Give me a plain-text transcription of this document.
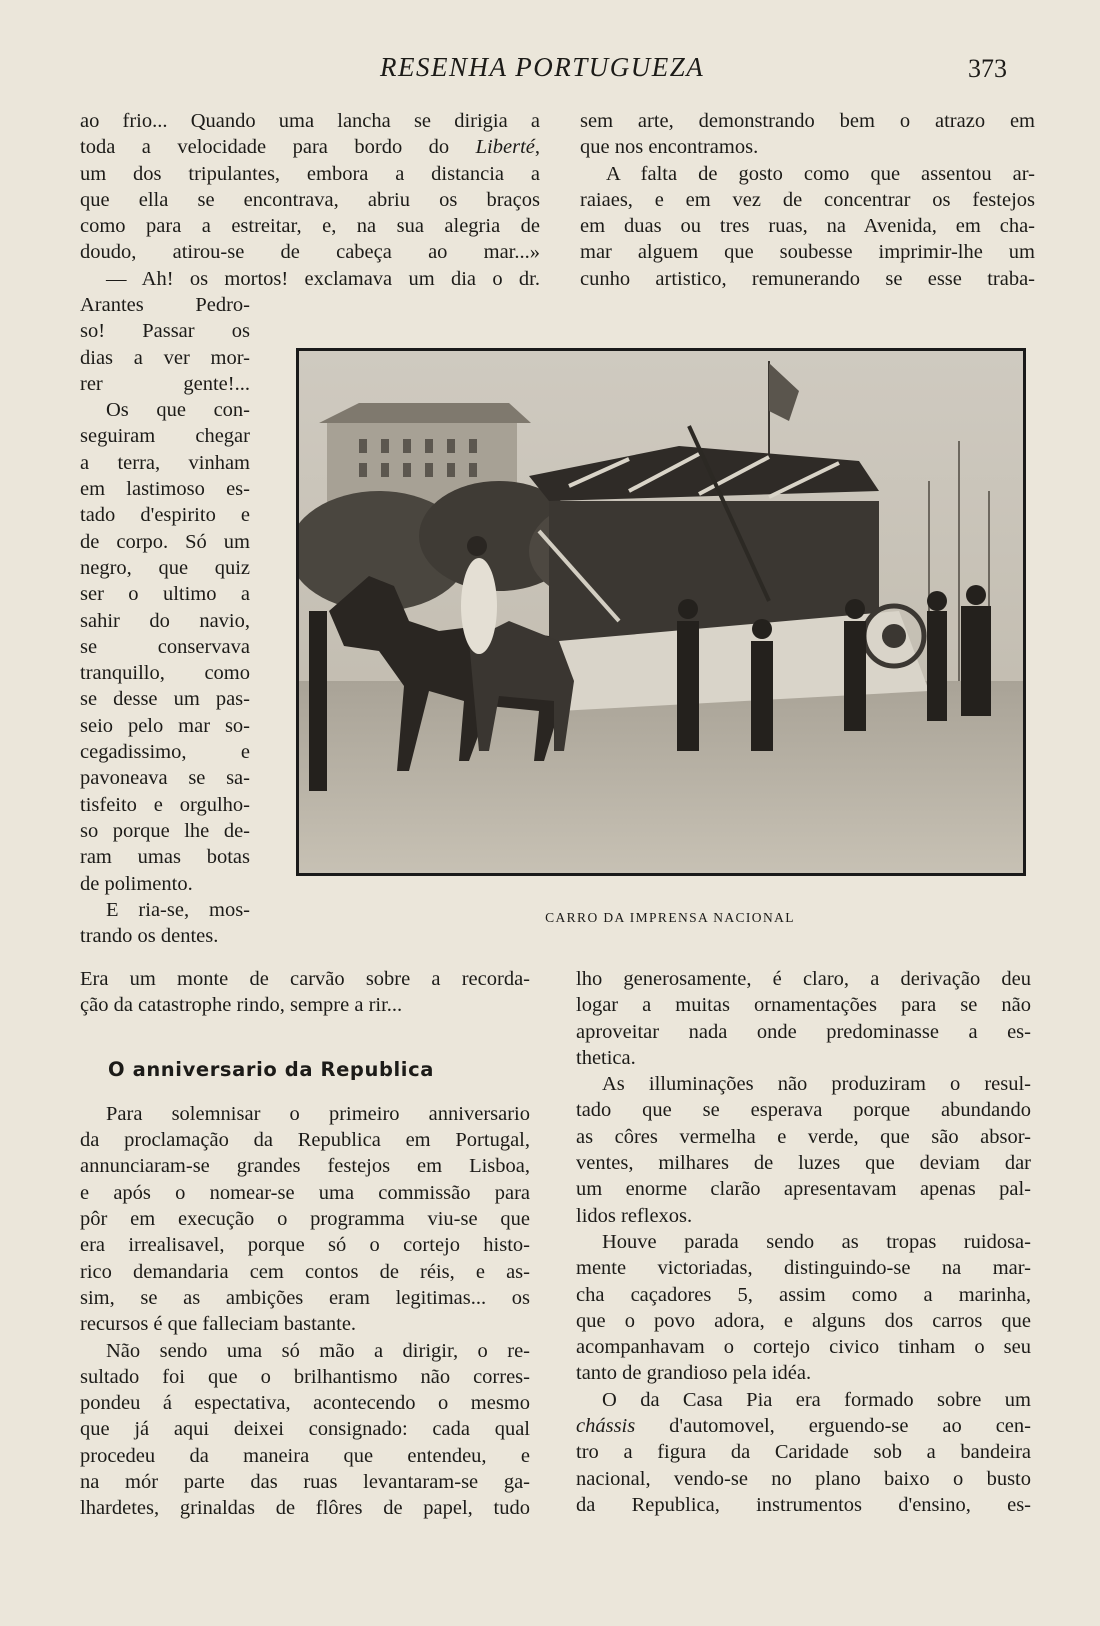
RESENHA PORTUGUEZA	373
ao frio... Quando uma lancha se dirigia a
toda a velocidade para bordo do Liberté,
um dos tripulantes, embora a distancia a
que ella se encontrava, abriu os braços
como para a estreitar, e, na sua alegria de
doudo, atirou-se de cabeça ao mar...»
— Ah! os mortos! exclamava um dia o dr.
Arantes Pedro-
so! Passar os
dias a ver mor-
rer gente!...
Os que con-
seguiram chegar
a terra, vinham
em lastimoso es-
tado d'espirito e
de corpo. Só um
negro, que quiz
ser o ultimo a
sahir do navio,
se conservava
tranquillo, como
se desse um pas-
seio pelo mar so-
cegadissimo, e
pavoneava se sa-
tisfeito e orgulho-
so porque lhe de-
ram umas botas
de polimento.
E ria-se, mos-
trando os dentes.
sem arte, demonstrando bem o atrazo em
que nos encontramos.
A falta de gosto como que assentou ar-
raiaes, e em vez de concentrar os festejos
em duas ou tres ruas, na Avenida, em cha-
mar alguem que soubesse imprimir-lhe um
cunho artistico, remunerando se esse traba-
CARRO DA IMPRENSA NACIONAL
Era um monte de carvão sobre a recorda-
ção da catastrophe rindo, sempre a rir...
O anniversario da Republica
Para solemnisar o primeiro anniversario
da proclamação da Republica em Portugal,
annunciaram-se grandes festejos em Lisboa,
e após o nomear-se uma commissão para
pôr em execução o programma viu-se que
era irrealisavel, porque só o cortejo histo-
rico demandaria cem contos de réis, e as-
sim, se as ambições eram legitimas... os
recursos é que falleciam bastante.
Não sendo uma só mão a dirigir, o re-
sultado foi que o brilhantismo não corres-
pondeu á espectativa, acontecendo o mesmo
que já aqui deixei consignado: cada qual
procedeu da maneira que entendeu, e
na mór parte das ruas levantaram-se ga-
lhardetes, grinaldas de flôres de papel, tudo
lho generosamente, é claro, a derivação deu
logar a muitas ornamentações para se não
aproveitar nada onde predominasse a es-
thetica.
As illuminações não produziram o resul-
tado que se esperava porque abundando
as côres vermelha e verde, que são absor-
ventes, milhares de luzes que deviam dar
um enorme clarão apresentavam apenas pal-
lidos reflexos.
Houve parada sendo as tropas ruidosa-
mente victoriadas, distinguindo-se na mar-
cha caçadores 5, assim como a marinha,
que o povo adora, e alguns dos carros que
acompanhavam o cortejo civico tinham o seu
tanto de grandioso pela idéa.
O da Casa Pia era formado sobre um
chássis d'automovel, erguendo-se ao cen-
tro a figura da Caridade sob a bandeira
nacional, vendo-se no plano baixo o busto
da Republica, instrumentos d'ensino, es-
